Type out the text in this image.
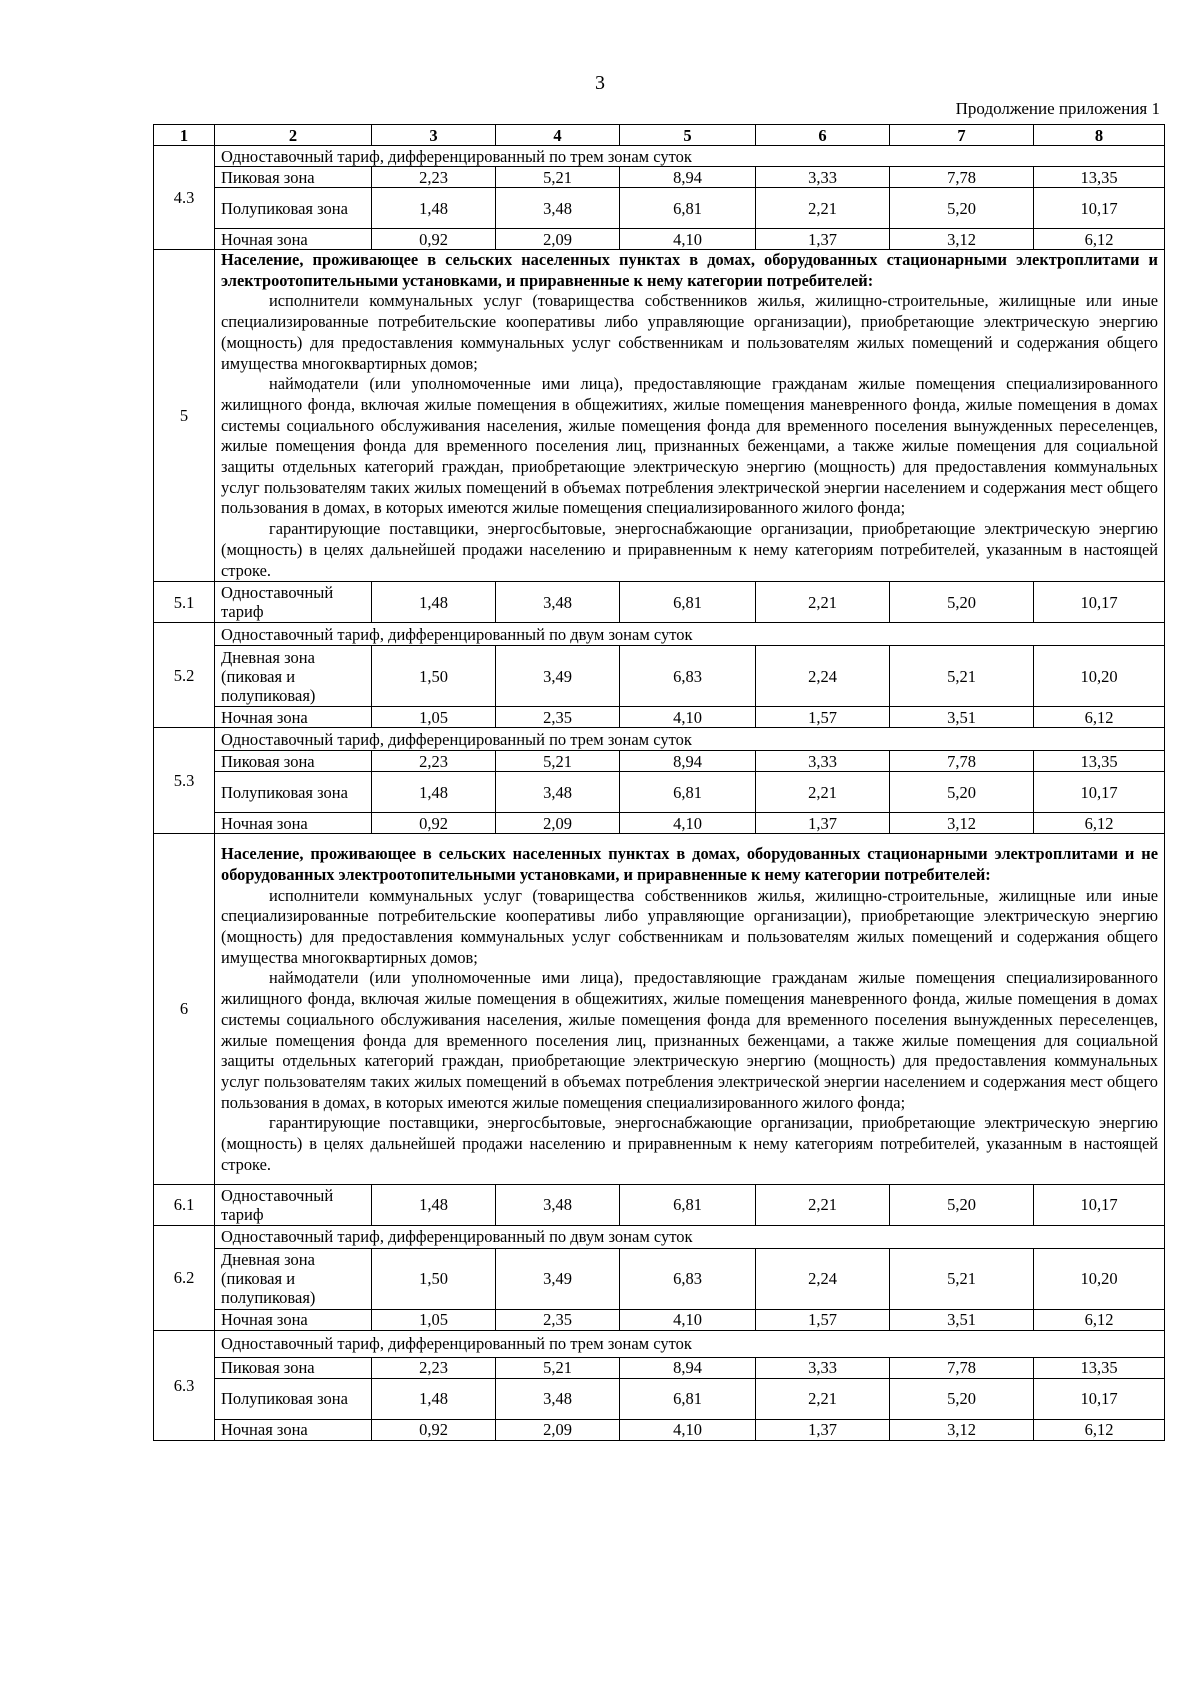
3
Продолжение приложения 1
1	2	3	4	5	6	7	8
4.3	Одноставочный тариф, дифференцированный по трем зонам суток						
	Пиковая зона	2,23	5,21	8,94	3,33	7,78	13,35
	Полупиковая зона	1,48	3,48	6,81	2,21	5,20	10,17
	Ночная зона	0,92	2,09	4,10	1,37	3,12	6,12
5	Население, проживающее в сельских населенных пунктах в домах, оборудованных стационарными электроплитами и электроотопительными установками, и приравненные к нему категории потребителей:

исполнители коммунальных услуг (товарищества собственников жилья, жилищно-строительные, жилищные или иные специализированные потребительские кооперативы либо управляющие организации), приобретающие электрическую энергию (мощность) для предоставления коммунальных услуг собственникам и пользователям жилых помещений и содержания общего имущества многоквартирных домов;

наймодатели (или уполномоченные ими лица), предоставляющие гражданам жилые помещения специализированного жилищного фонда, включая жилые помещения в общежитиях, жилые помещения маневренного фонда, жилые помещения в домах системы социального обслуживания населения, жилые помещения фонда для временного поселения вынужденных переселенцев, жилые помещения фонда для временного поселения лиц, признанных беженцами, а также жилые помещения для социальной защиты отдельных категорий граждан, приобретающие электрическую энергию (мощность) для предоставления коммунальных услуг пользователям таких жилых помещений в объемах потребления электрической энергии населением и содержания мест общего пользования в домах, в которых имеются жилые помещения специализированного жилого фонда;

гарантирующие поставщики, энергосбытовые, энергоснабжающие организации, приобретающие электрическую энергию (мощность) в целях дальнейшей продажи населению и приравненным к нему категориям потребителей, указанным в настоящей строке.						

5.1	Одноставочный тариф	1,48	3,48	6,81	2,21	5,20	10,17
5.2	Одноставочный тариф, дифференцированный по двум зонам суток						
	Дневная зона (пиковая и полупиковая)	1,50	3,49	6,83	2,24	5,21	10,20
	Ночная зона	1,05	2,35	4,10	1,57	3,51	6,12
5.3	Одноставочный тариф, дифференцированный по трем зонам суток						
	Пиковая зона	2,23	5,21	8,94	3,33	7,78	13,35
	Полупиковая зона	1,48	3,48	6,81	2,21	5,20	10,17
	Ночная зона	0,92	2,09	4,10	1,37	3,12	6,12
6	Население, проживающее в сельских населенных пунктах в домах, оборудованных стационарными электроплитами и не оборудованных электроотопительными установками, и приравненные к нему категории потребителей:

исполнители коммунальных услуг (товарищества собственников жилья, жилищно-строительные, жилищные или иные специализированные потребительские кооперативы либо управляющие организации), приобретающие электрическую энергию (мощность) для предоставления коммунальных услуг собственникам и пользователям жилых помещений и содержания общего имущества многоквартирных домов;

наймодатели (или уполномоченные ими лица), предоставляющие гражданам жилые помещения специализированного жилищного фонда, включая жилые помещения в общежитиях, жилые помещения маневренного фонда, жилые помещения в домах системы социального обслуживания населения, жилые помещения фонда для временного поселения вынужденных переселенцев, жилые помещения фонда для временного поселения лиц, признанных беженцами, а также жилые помещения для социальной защиты отдельных категорий граждан, приобретающие электрическую энергию (мощность) для предоставления коммунальных услуг пользователям таких жилых помещений в объемах потребления электрической энергии населением и содержания мест общего пользования в домах, в которых имеются жилые помещения специализированного жилого фонда;

гарантирующие поставщики, энергосбытовые, энергоснабжающие организации, приобретающие электрическую энергию (мощность) в целях дальнейшей продажи населению и приравненным к нему категориям потребителей, указанным в настоящей строке.						

6.1	Одноставочный тариф	1,48	3,48	6,81	2,21	5,20	10,17
6.2	Одноставочный тариф, дифференцированный по двум зонам суток						
	Дневная зона (пиковая и полупиковая)	1,50	3,49	6,83	2,24	5,21	10,20
	Ночная зона	1,05	2,35	4,10	1,57	3,51	6,12
6.3	Одноставочный тариф, дифференцированный по трем зонам суток						
	Пиковая зона	2,23	5,21	8,94	3,33	7,78	13,35
	Полупиковая зона	1,48	3,48	6,81	2,21	5,20	10,17
	Ночная зона	0,92	2,09	4,10	1,37	3,12	6,12
